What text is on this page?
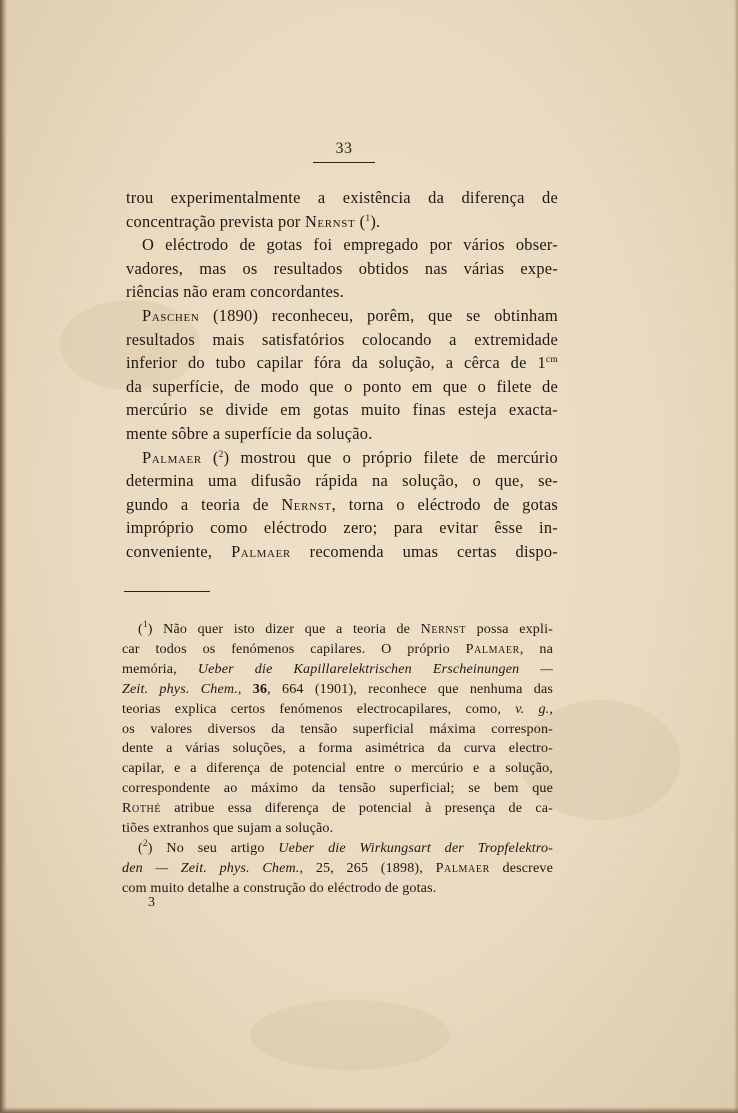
33
trou experimentalmente a existência da diferença de
concentração prevista por Nernst ($^1$).
O eléctrodo de gotas foi empregado por vários obser-
vadores, mas os resultados obtidos nas várias expe-
riências não eram concordantes.
Paschen (1890) reconheceu, porêm, que se obtinham
resultados mais satisfatórios colocando a extremidade
inferior do tubo capilar fóra da solução, a cêrca de $1^{cm}$
da superfície, de modo que o ponto em que o filete de
mercúrio se divide em gotas muito finas esteja exacta-
mente sôbre a superfície da solução.
Palmaer ($^2$) mostrou que o próprio filete de mercúrio
determina uma difusão rápida na solução, o que, se-
gundo a teoria de Nernst, torna o eléctrodo de gotas
impróprio como eléctrodo zero; para evitar êsse in-
conveniente, Palmaer recomenda umas certas dispo-
($^1$) Não quer isto dizer que a teoria de Nernst possa expli-
car todos os fenómenos capilares. O próprio Palmaer, na
memória, Ueber die Kapillarelektrischen Erscheinungen —
Zeit. phys. Chem., 36, 664 (1901), reconhece que nenhuma das
teorias explica certos fenómenos electrocapilares, como, v. g.,
os valores diversos da tensão superficial máxima correspon-
dente a várias soluções, a forma asimétrica da curva electro-
capilar, e a diferença de potencial entre o mercúrio e a solução,
correspondente ao máximo da tensão superficial; se bem que
Rothé atribue essa diferença de potencial à presença de ca-
tiões extranhos que sujam a solução.
($^2$) No seu artigo Ueber die Wirkungsart der Tropfelektro-
den — Zeit. phys. Chem., 25, 265 (1898), Palmaer descreve
com muito detalhe a construção do eléctrodo de gotas.
3
